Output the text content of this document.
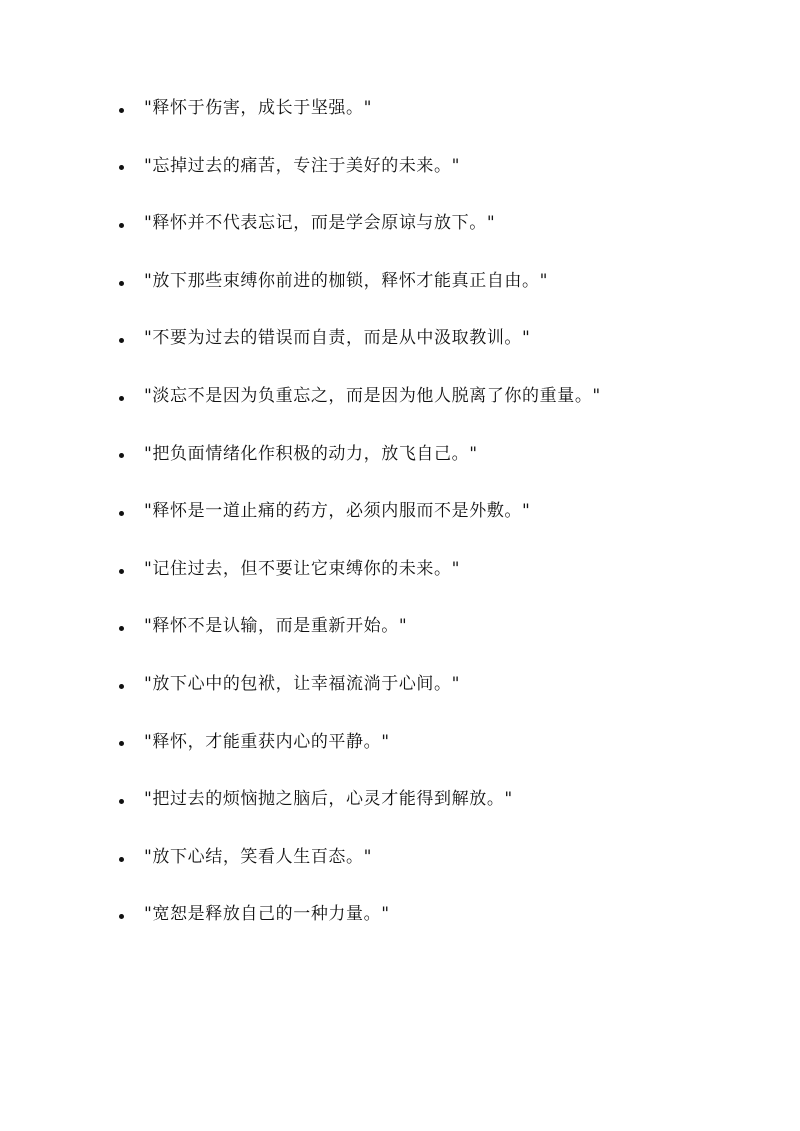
"释怀于伤害，成长于坚强。"
"忘掉过去的痛苦，专注于美好的未来。"
"释怀并不代表忘记，而是学会原谅与放下。"
"放下那些束缚你前进的枷锁，释怀才能真正自由。"
"不要为过去的错误而自责，而是从中汲取教训。"
"淡忘不是因为负重忘之，而是因为他人脱离了你的重量。"
"把负面情绪化作积极的动力，放飞自己。"
"释怀是一道止痛的药方，必须内服而不是外敷。"
"记住过去，但不要让它束缚你的未来。"
"释怀不是认输，而是重新开始。"
"放下心中的包袱，让幸福流淌于心间。"
"释怀，才能重获内心的平静。"
"把过去的烦恼抛之脑后，心灵才能得到解放。"
"放下心结，笑看人生百态。"
"宽恕是释放自己的一种力量。"
